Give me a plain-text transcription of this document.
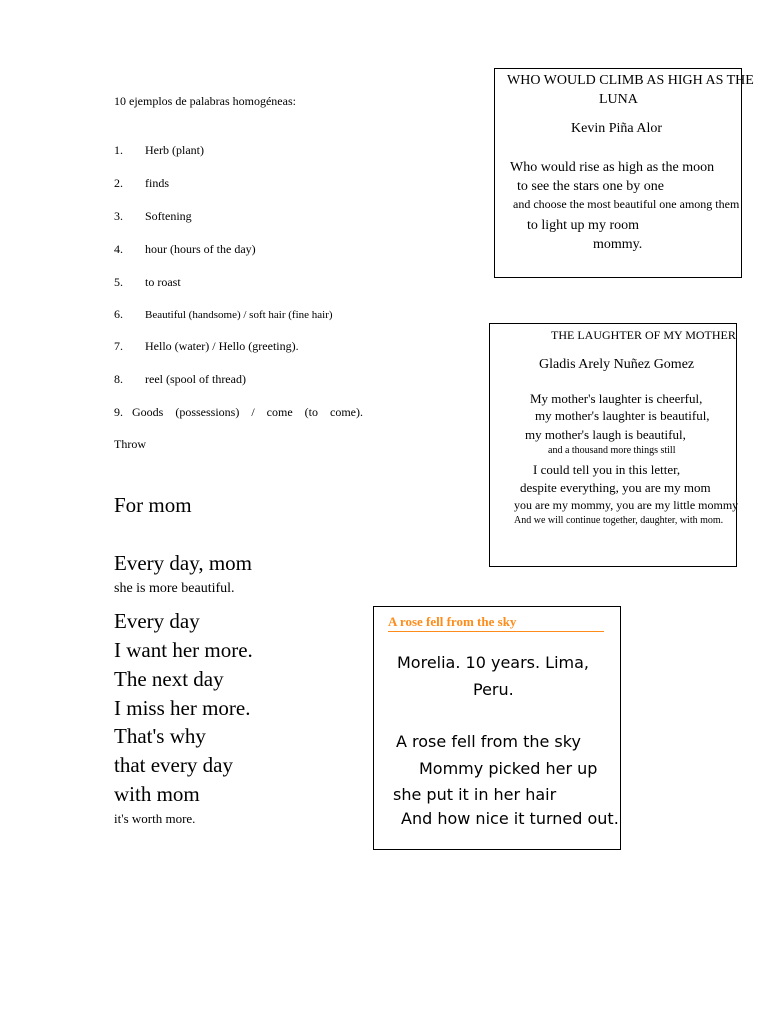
10 ejemplos de palabras homogéneas:
1. Herb (plant)
2. finds
3. Softening
4. hour (hours of the day)
5. to roast
6. Beautiful (handsome) / soft hair (fine hair)
7. Hello (water) / Hello (greeting).
8. reel (spool of thread)
9. Goods    (possessions)    /    come    (to    come).
Throw
For mom
Every day, mom
she is more beautiful.
Every day
I want her more.
The next day
I miss her more.
That's why
that every day
with mom
it's worth more.
WHO WOULD CLIMB AS HIGH AS THE
LUNA
Kevin Piña Alor
Who would rise as high as the moon
to see the stars one by one
and choose the most beautiful one among them
to light up my room
mommy.
THE LAUGHTER OF MY MOTHER
Gladis Arely Nuñez Gomez
My mother's laughter is cheerful,
my mother's laughter is beautiful,
my mother's laugh is beautiful,
and a thousand more things still
I could tell you in this letter,
despite everything, you are my mom
you are my mommy, you are my little mommy
And we will continue together, daughter, with mom.
A rose fell from the sky
Morelia. 10 years. Lima,
Peru.
A rose fell from the sky
Mommy picked her up
she put it in her hair
And how nice it turned out.
